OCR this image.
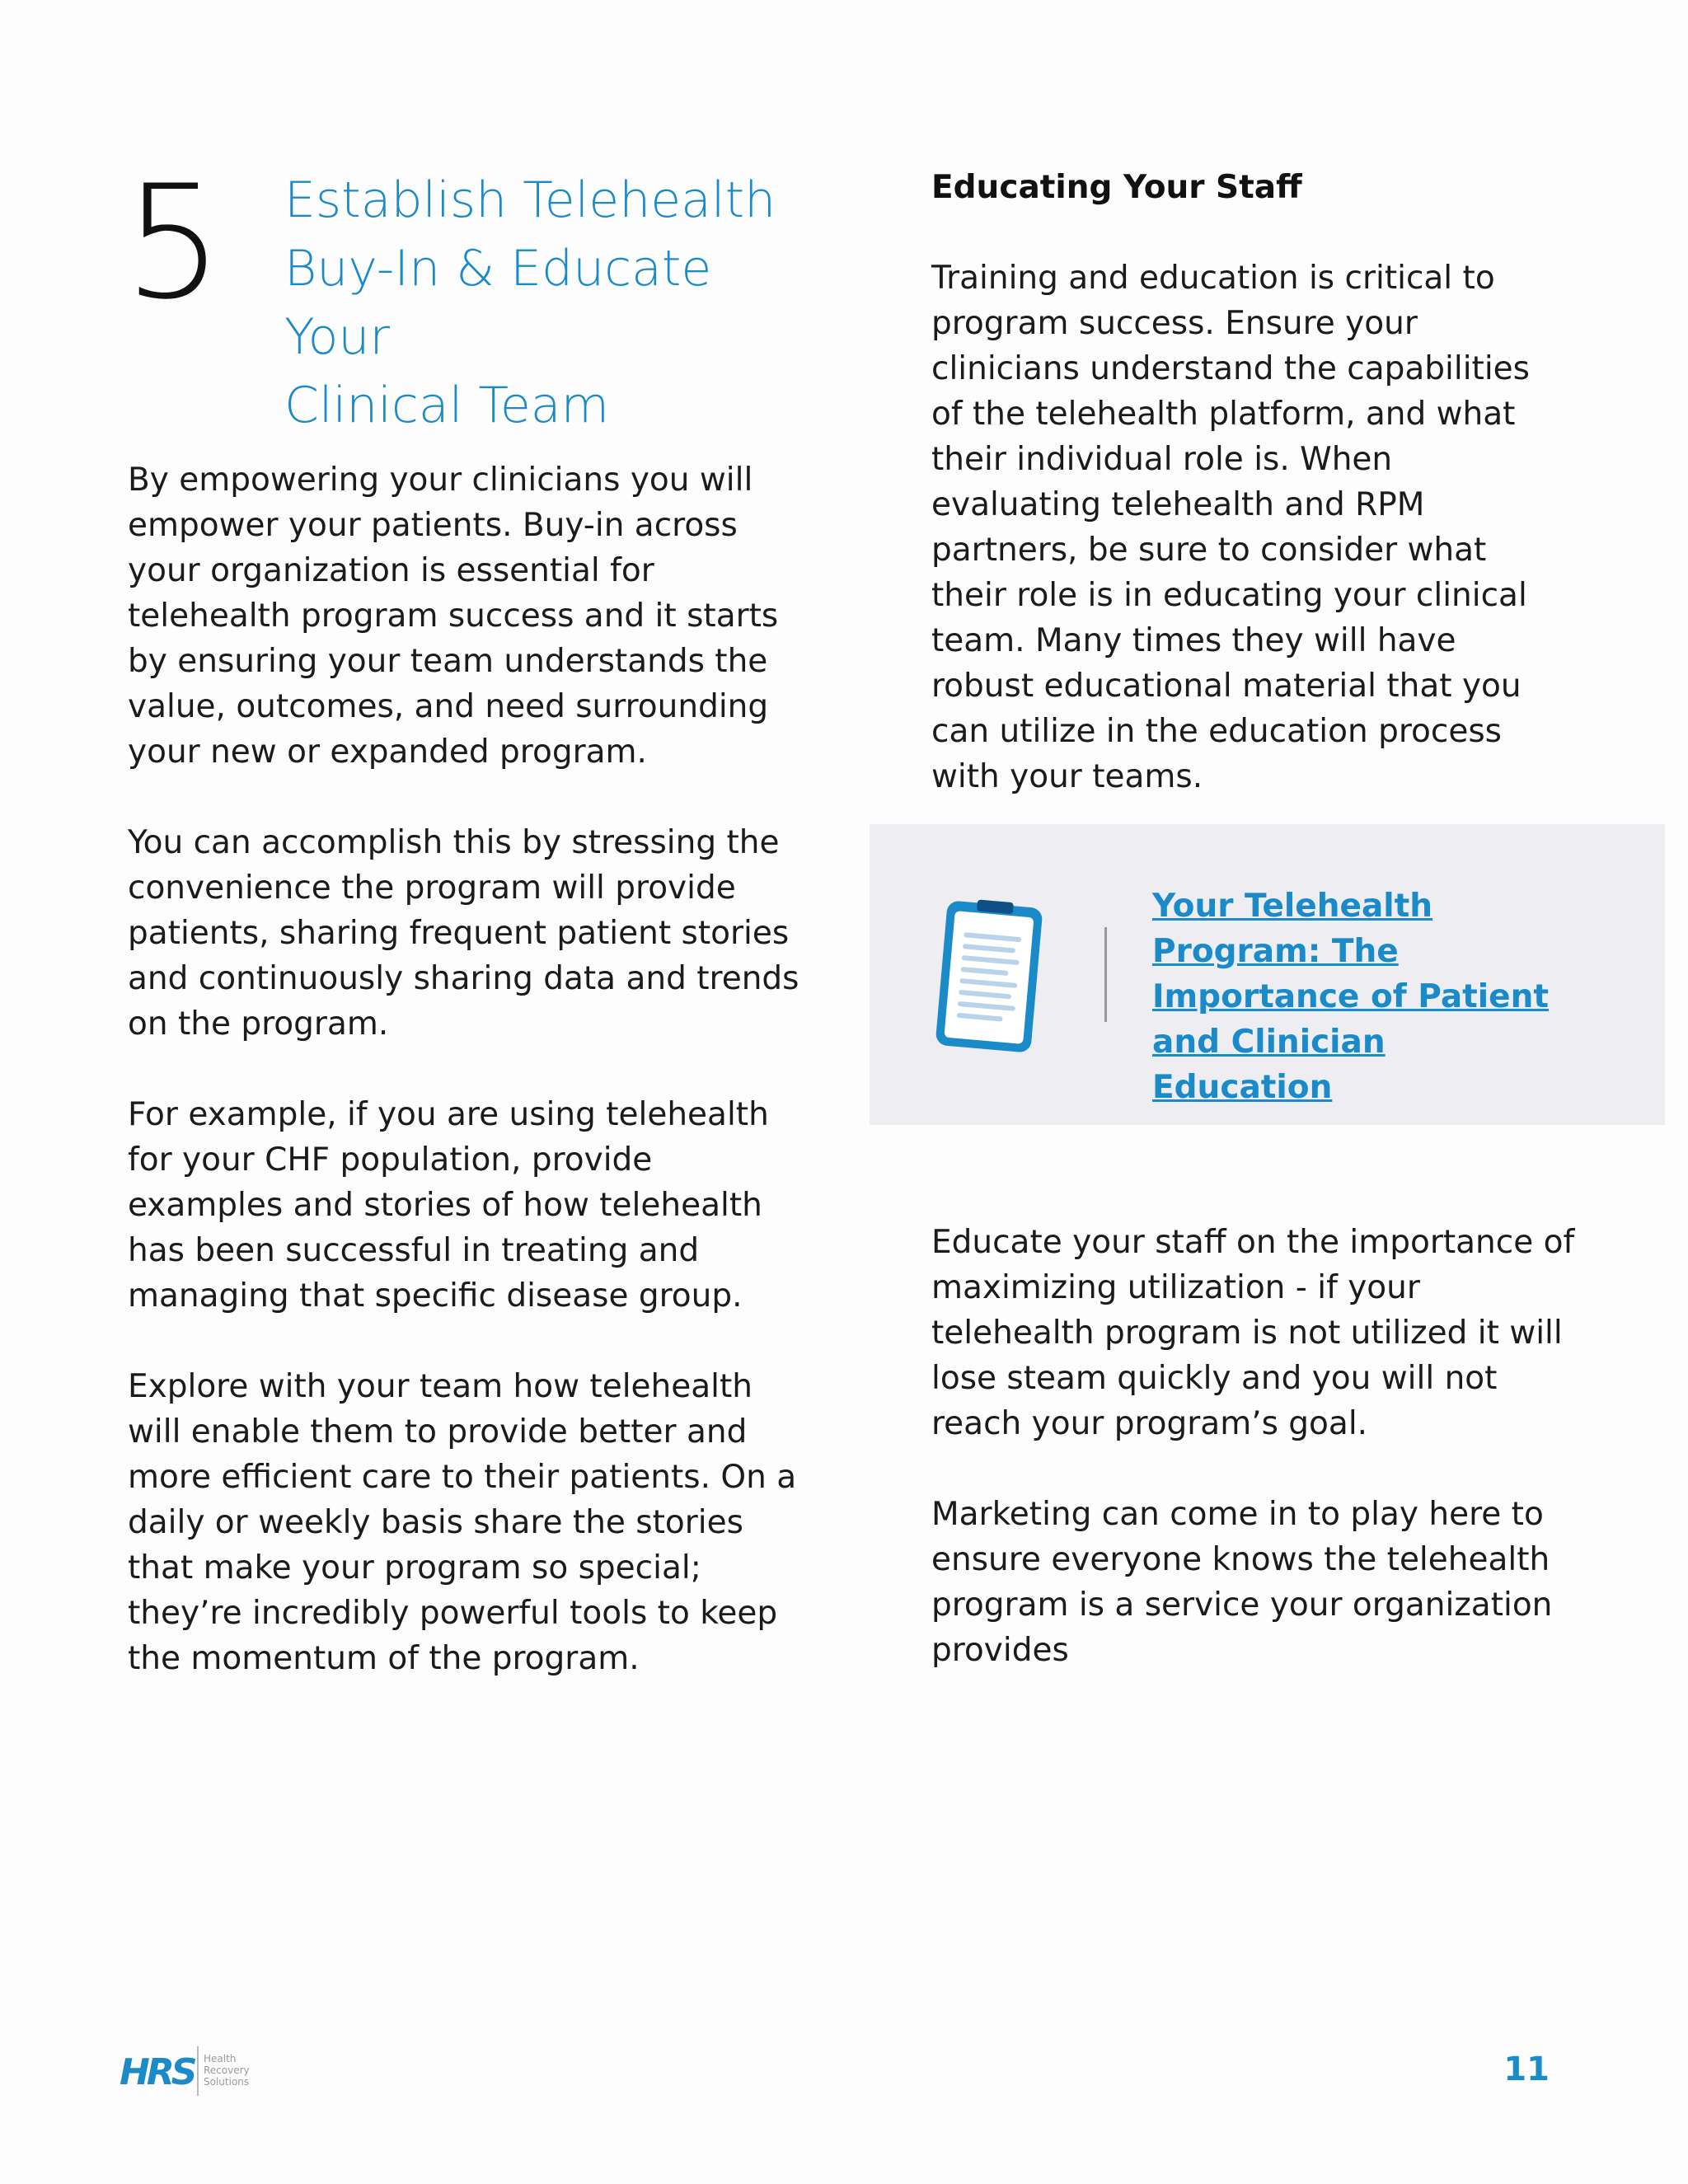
5 Establish Telehealth
Buy-In & Educate Your
Clinical Team

By empowering your clinicians you will empower your patients. Buy-in across your organization is essential for telehealth program success and it starts by ensuring your team understands the value, outcomes, and need surrounding your new or expanded program.

You can accomplish this by stressing the convenience the program will provide patients, sharing frequent patient stories and continuously sharing data and trends on the program.

For example, if you are using telehealth for your CHF population, provide examples and stories of how telehealth has been successful in treating and managing that specific disease group.

Explore with your team how telehealth will enable them to provide better and more efficient care to their patients. On a daily or weekly basis share the stories that make your program so special; they’re incredibly powerful tools to keep the momentum of the program.

Educating Your Staff

Training and education is critical to program success. Ensure your clinicians understand the capabilities of the telehealth platform, and what their individual role is. When evaluating telehealth and RPM partners, be sure to consider what their role is in educating your clinical team. Many times they will have robust educational material that you can utilize in the education process with your teams.

Your Telehealth Program: The Importance of Patient and Clinician Education

Educate your staff on the importance of maximizing utilization - if your telehealth program is not utilized it will lose steam quickly and you will not reach your program’s goal.

Marketing can come in to play here to ensure everyone knows the telehealth program is a service your organization provides

HRS Health
Recovery
Solutions	11
